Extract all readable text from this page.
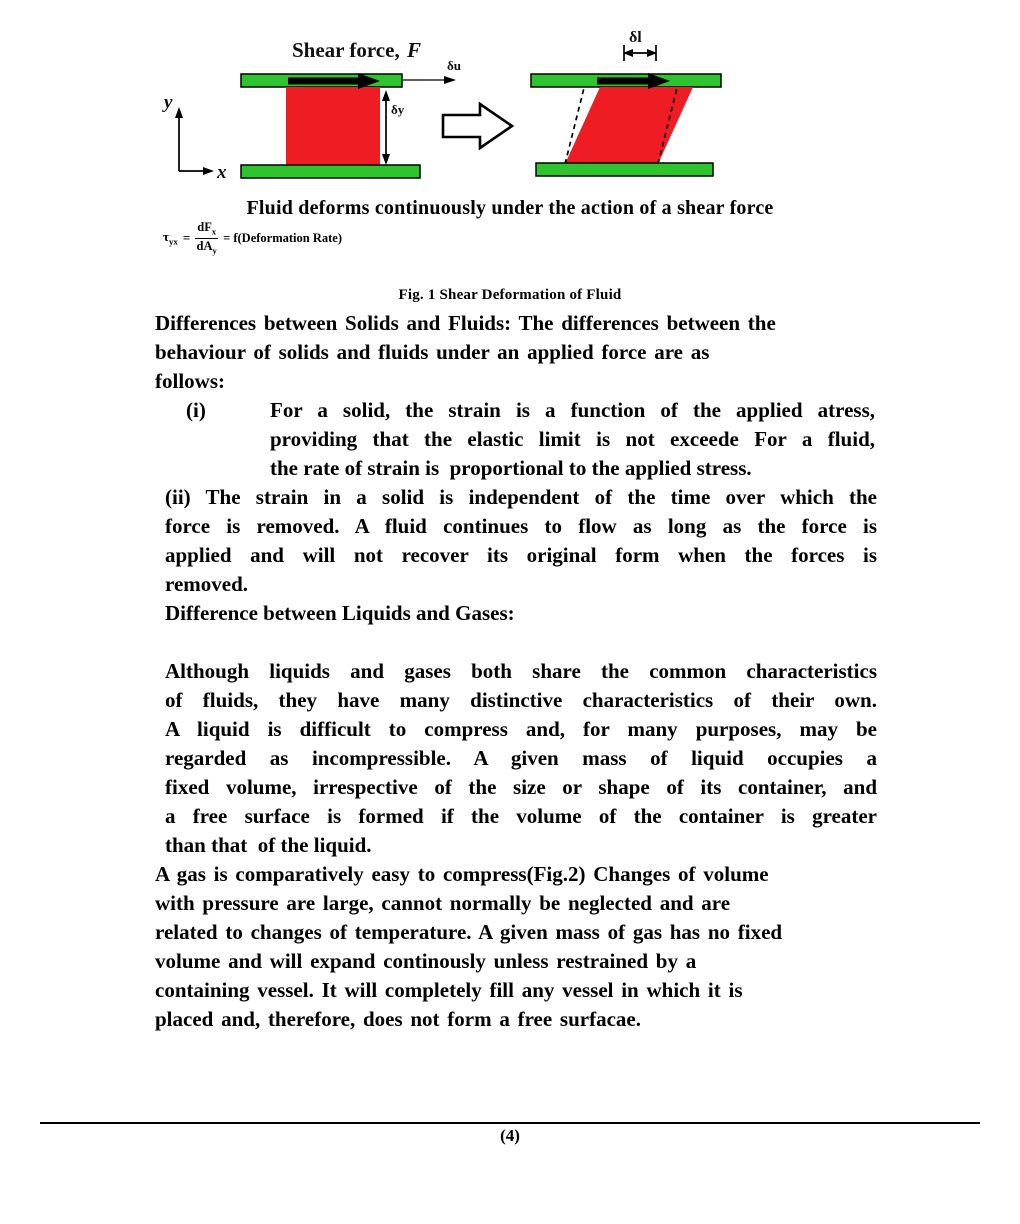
Shear force, F
δu
y
x
δy
δl
Fluid deforms continuously under the action of a shear force
$\tau_{yx} = \frac{dF_x}{dA_y}$ = f(Deformation Rate)
Fig. 1 Shear Deformation of Fluid
Differences between Solids and Fluids: The differences between the
behaviour of solids and fluids under an applied force are as
follows:
(i)	For a solid, the strain is a function of the applied atress,
providing that the elastic limit is not exceede For a fluid,
the rate of strain is  proportional to the applied stress.
(ii) The strain in a solid is independent of the time over which the
force is removed. A fluid continues to flow as long as the force is
applied and will not recover its original form when the forces is
removed.
Difference between Liquids and Gases:
Although liquids and gases both share the common characteristics
of fluids, they have many distinctive characteristics of their own.
A liquid is difficult to compress and, for many purposes, may be
regarded as incompressible. A given mass of liquid occupies a
fixed volume, irrespective of the size or shape of its container, and
a free surface is formed if the volume of the container is greater
than that  of the liquid.
A gas is comparatively easy to compress(Fig.2) Changes of volume
with pressure are large, cannot normally be neglected and are
related to changes of temperature. A given mass of gas has no fixed
volume and will expand continously unless restrained by a
containing vessel. It will completely fill any vessel in which it is
placed and, therefore, does not form a free surfacae.
(4)
